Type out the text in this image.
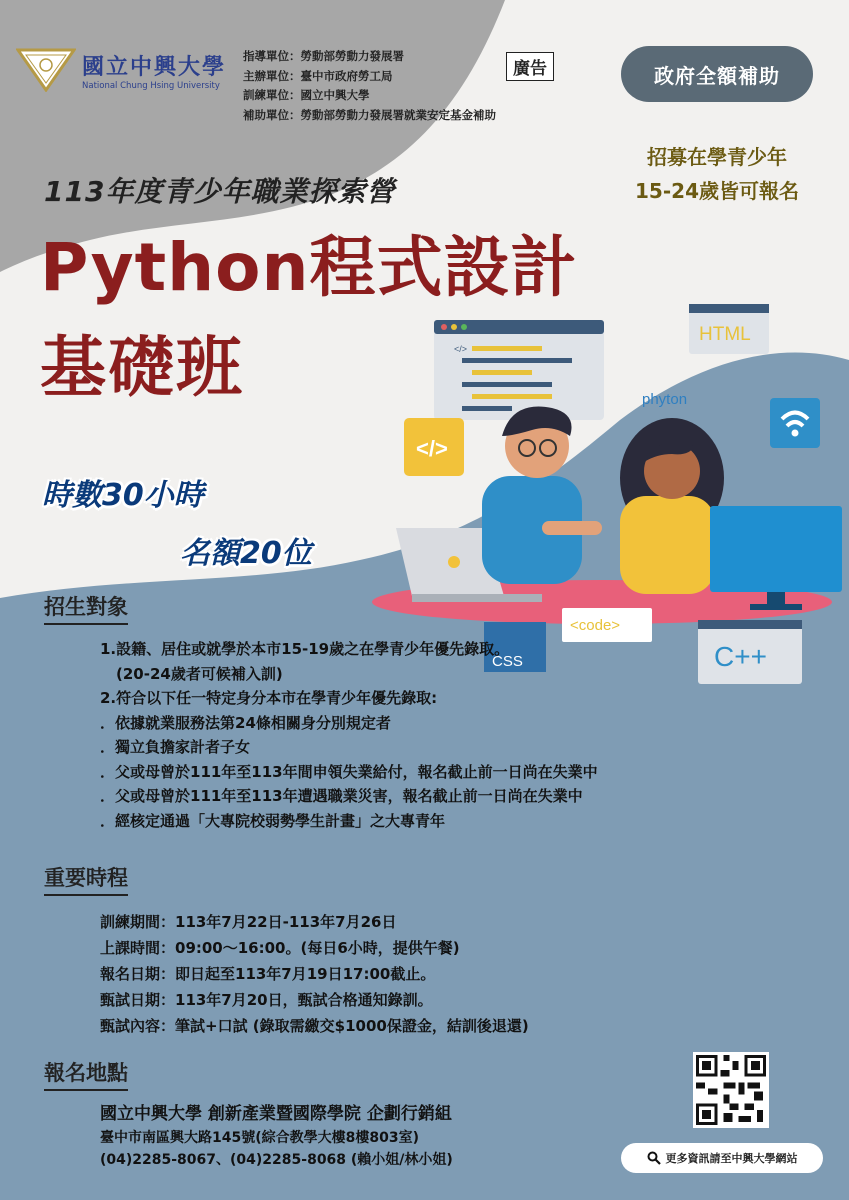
國立中興大學
National Chung Hsing University
指導單位：勞動部勞動力發展署
主辦單位：臺中市政府勞工局
訓練單位：國立中興大學
補助單位：勞動部勞動力發展署就業安定基金補助
廣告	政府全額補助
招募在學青少年
15-24歲皆可報名
113年度青少年職業探索營
Python程式設計
基礎班
時數30小時
名額20位
</>
HTML
phyton
</>
<code>
CSS	C++
招生對象
1.設籍、居住或就學於本市15-19歲之在學青少年優先錄取。
(20-24歲者可候補入訓)
2.符合以下任一特定身分本市在學青少年優先錄取:
．依據就業服務法第24條相關身分別規定者
．獨立負擔家計者子女
．父或母曾於111年至113年間申領失業給付，報名截止前一日尚在失業中
．父或母曾於111年至113年遭遇職業災害，報名截止前一日尚在失業中
．經核定通過「大專院校弱勢學生計畫」之大專青年
重要時程
訓練期間：113年7月22日-113年7月26日
上課時間：09:00～16:00。(每日6小時，提供午餐)
報名日期：即日起至113年7月19日17:00截止。
甄試日期：113年7月20日，甄試合格通知錄訓。
甄試內容：筆試+口試 (錄取需繳交$1000保證金，結訓後退還)
報名地點
國立中興大學 創新產業暨國際學院 企劃行銷組
臺中市南區興大路145號(綜合教學大樓8樓803室)
(04)2285-8067、(04)2285-8068 (賴小姐/林小姐)	更多資訊請至中興大學網站
